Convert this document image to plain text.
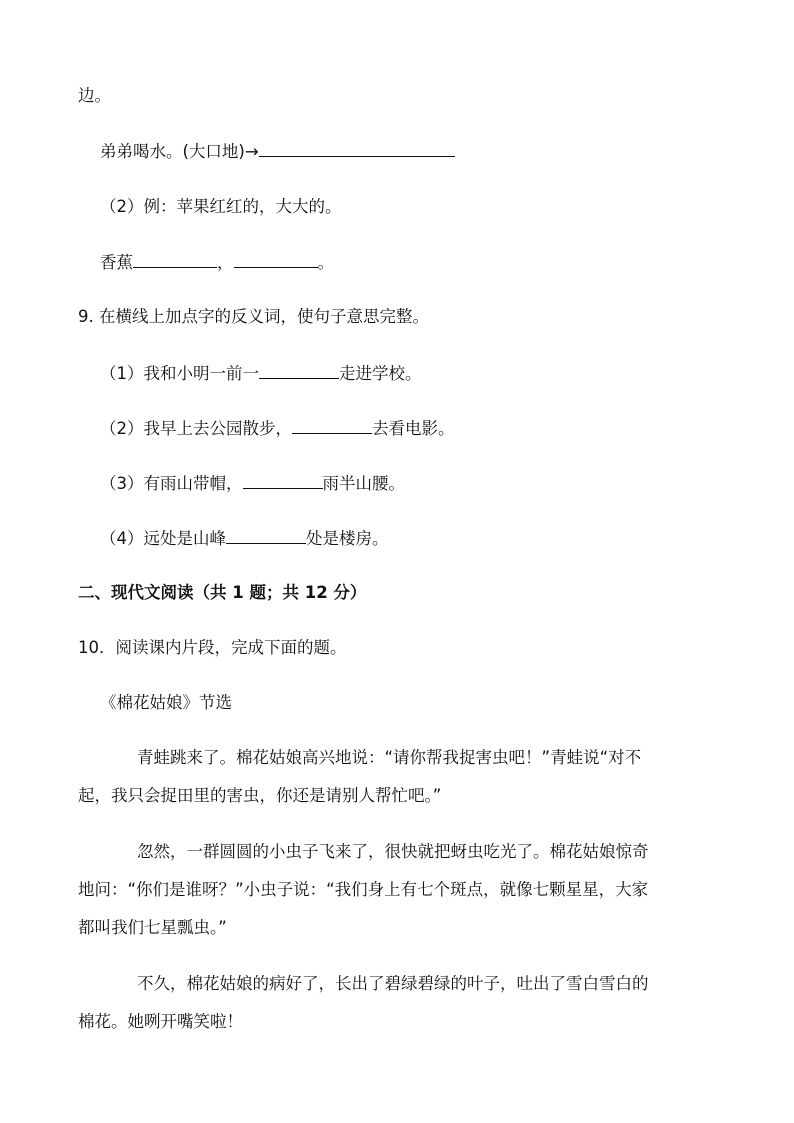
边。
弟弟喝水。(大口地)→
（2）例：苹果红红的，大大的。
香蕉	，	。
9. 在横线上加点字的反义词，使句子意思完整。
（1）我和小明一前一	走进学校。
（2）我早上去公园散步，	去看电影。
（3）有雨山带帽，	雨半山腰。
（4）远处是山峰	处是楼房。
二、现代文阅读（共 1 题；共 12 分）
10．阅读课内片段，完成下面的题。
《棉花姑娘》节选
青蛙跳来了。棉花姑娘高兴地说：“请你帮我捉害虫吧！”青蛙说“对不
起，我只会捉田里的害虫，你还是请别人帮忙吧。”
忽然，一群圆圆的小虫子飞来了，很快就把蚜虫吃光了。棉花姑娘惊奇
地问：“你们是谁呀？”小虫子说：“我们身上有七个斑点，就像七颗星星，大家
都叫我们七星瓢虫。”
不久，棉花姑娘的病好了，长出了碧绿碧绿的叶子，吐出了雪白雪白的
棉花。她咧开嘴笑啦！
